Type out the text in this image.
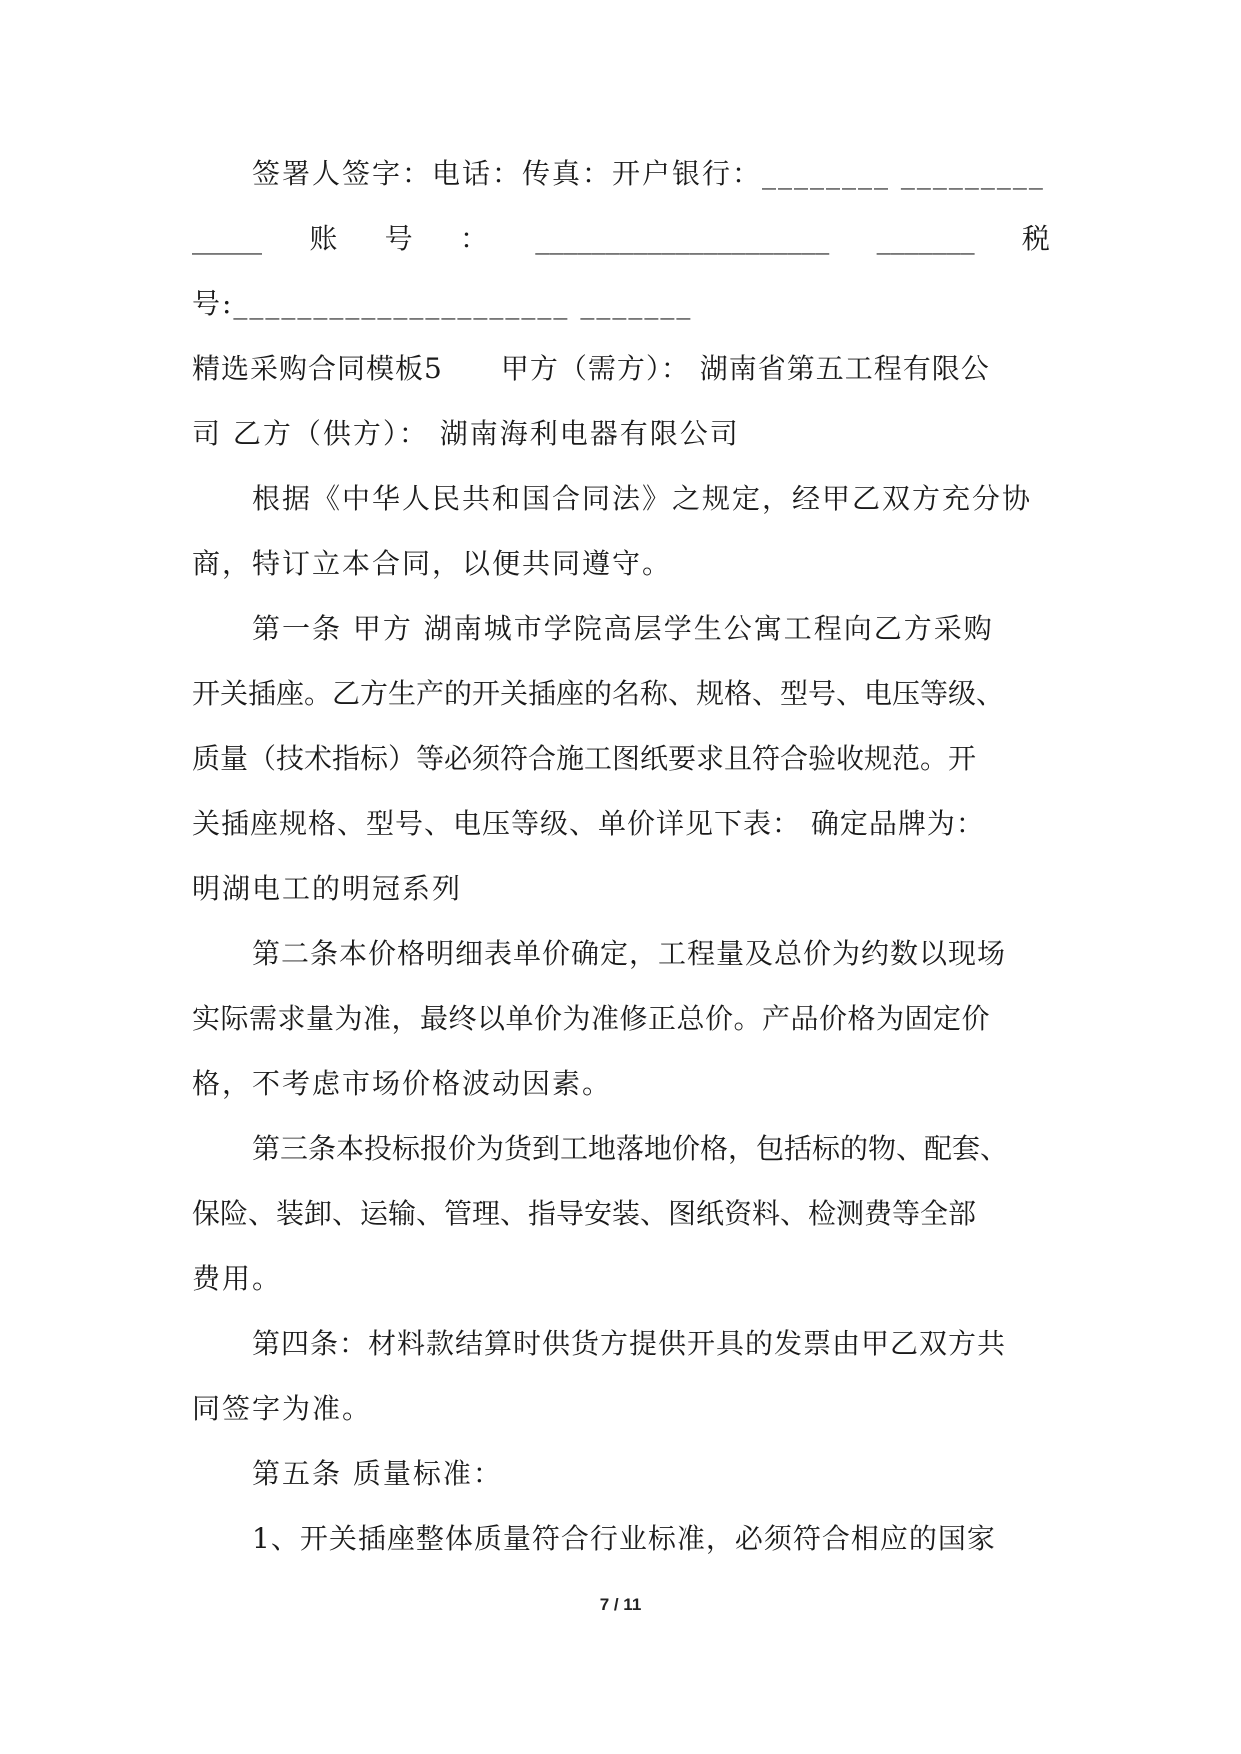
签署人签字：电话：传真：开户银行：________ _________
_____ 账 号 ： _____________________ _______ 税
号:_____________________ _______
精选采购合同模板5　　甲方（需方）： 湖南省第五工程有限公
司 乙方（供方）： 湖南海利电器有限公司
根据《中华人民共和国合同法》之规定，经甲乙双方充分协
商，特订立本合同，以便共同遵守。
第一条 甲方 湖南城市学院高层学生公寓工程向乙方采购
开关插座。乙方生产的开关插座的名称、规格、型号、电压等级、
质量（技术指标）等必须符合施工图纸要求且符合验收规范。开
关插座规格、型号、电压等级、单价详见下表： 确定品牌为：
明湖电工的明冠系列
第二条本价格明细表单价确定，工程量及总价为约数以现场
实际需求量为准，最终以单价为准修正总价。产品价格为固定价
格，不考虑市场价格波动因素。
第三条本投标报价为货到工地落地价格，包括标的物、配套、
保险、装卸、运输、管理、指导安装、图纸资料、检测费等全部
费用。
第四条：材料款结算时供货方提供开具的发票由甲乙双方共
同签字为准。
第五条 质量标准：
1、开关插座整体质量符合行业标准，必须符合相应的国家
7 / 11
